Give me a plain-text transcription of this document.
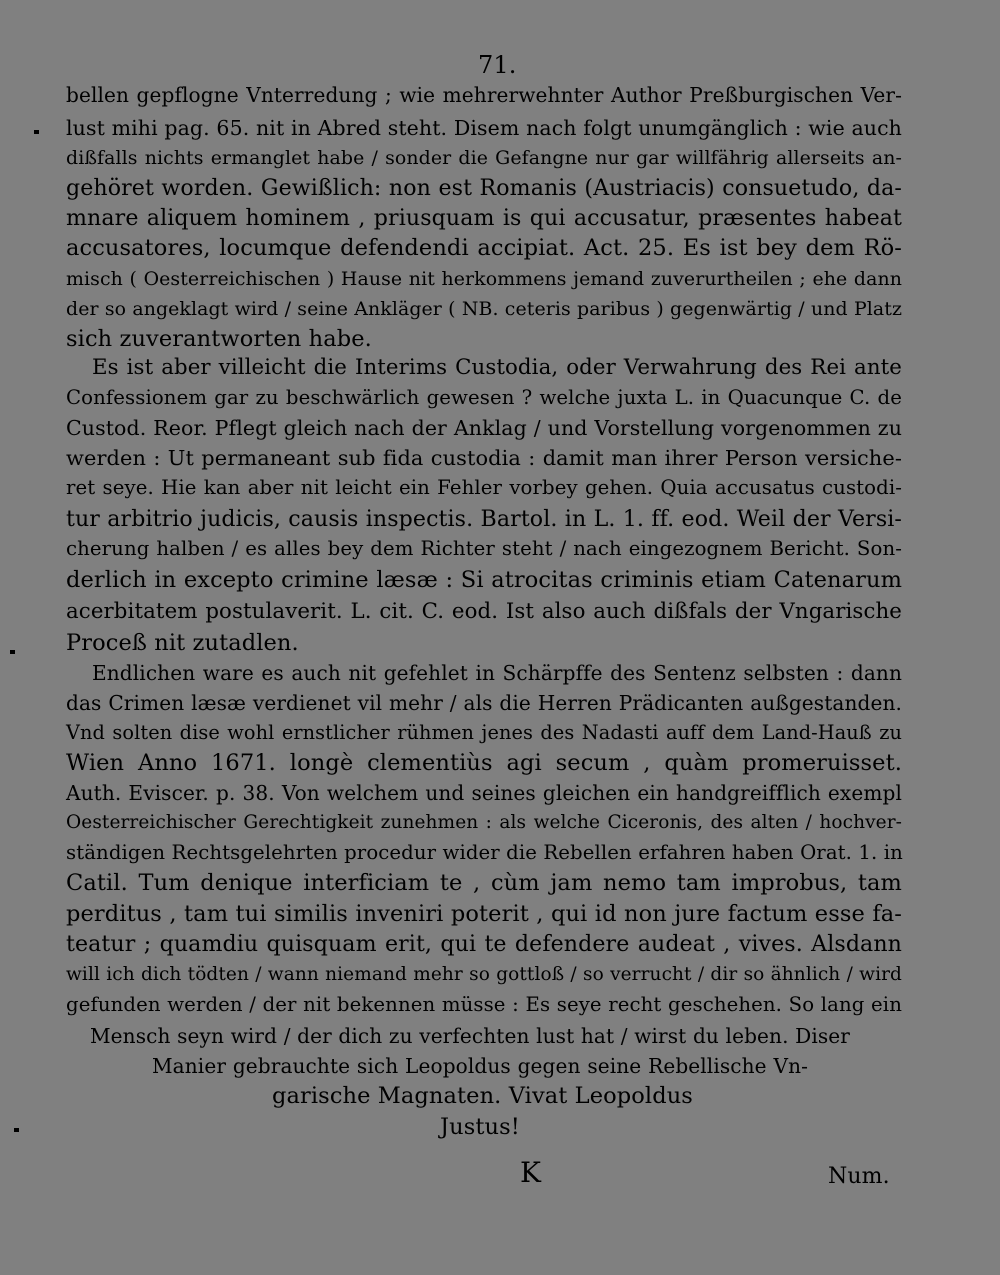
71.
bellen gepflogne Vnterredung ; wie mehrerwehnter Author Preßburgischen Ver-
lust mihi pag. 65. nit in Abred steht. Disem nach folgt unumgänglich : wie auch
dißfalls nichts ermanglet habe / sonder die Gefangne nur gar willfährig allerseits an-
gehöret worden. Gewißlich: non est Romanis (Austriacis) consuetudo, da-
mnare aliquem hominem , priusquam is qui accusatur, præsentes habeat
accusatores, locumque defendendi accipiat. Act. 25. Es ist bey dem Rö-
misch ( Oesterreichischen ) Hause nit herkommens jemand zuverurtheilen ; ehe dann
der so angeklagt wird / seine Ankläger ( NB. ceteris paribus ) gegenwärtig / und Platz
sich zuverantworten habe.
Es ist aber villeicht die Interims Custodia, oder Verwahrung des Rei ante
Confessionem gar zu beschwärlich gewesen ? welche juxta L. in Quacunque C. de
Custod. Reor. Pflegt gleich nach der Anklag / und Vorstellung vorgenommen zu
werden : Ut permaneant sub fida custodia : damit man ihrer Person versiche-
ret seye. Hie kan aber nit leicht ein Fehler vorbey gehen. Quia accusatus custodi-
tur arbitrio judicis, causis inspectis. Bartol. in L. 1. ff. eod. Weil der Versi-
cherung halben / es alles bey dem Richter steht / nach eingezognem Bericht. Son-
derlich in excepto crimine læsæ : Si atrocitas criminis etiam Catenarum
acerbitatem postulaverit. L. cit. C. eod. Ist also auch dißfals der Vngarische
Proceß nit zutadlen.
Endlichen ware es auch nit gefehlet in Schärpffe des Sentenz selbsten : dann
das Crimen læsæ verdienet vil mehr / als die Herren Prädicanten außgestanden.
Vnd solten dise wohl ernstlicher rühmen jenes des Nadasti auff dem Land-Hauß zu
Wien Anno 1671. longè clementiùs agi secum , quàm promeruisset.
Auth. Eviscer. p. 38. Von welchem und seines gleichen ein handgreifflich exempl
Oesterreichischer Gerechtigkeit zunehmen : als welche Ciceronis, des alten / hochver-
ständigen Rechtsgelehrten procedur wider die Rebellen erfahren haben Orat. 1. in
Catil. Tum denique interficiam te , cùm jam nemo tam improbus, tam
perditus , tam tui similis inveniri poterit , qui id non jure factum esse fa-
teatur ; quamdiu quisquam erit, qui te defendere audeat , vives. Alsdann
will ich dich tödten / wann niemand mehr so gottloß / so verrucht / dir so ähnlich / wird
gefunden werden / der nit bekennen müsse : Es seye recht geschehen. So lang ein
Mensch seyn wird / der dich zu verfechten lust hat / wirst du leben. Diser
Manier gebrauchte sich Leopoldus gegen seine Rebellische Vn-
garische Magnaten. Vivat Leopoldus
Justus!
K	Num.
